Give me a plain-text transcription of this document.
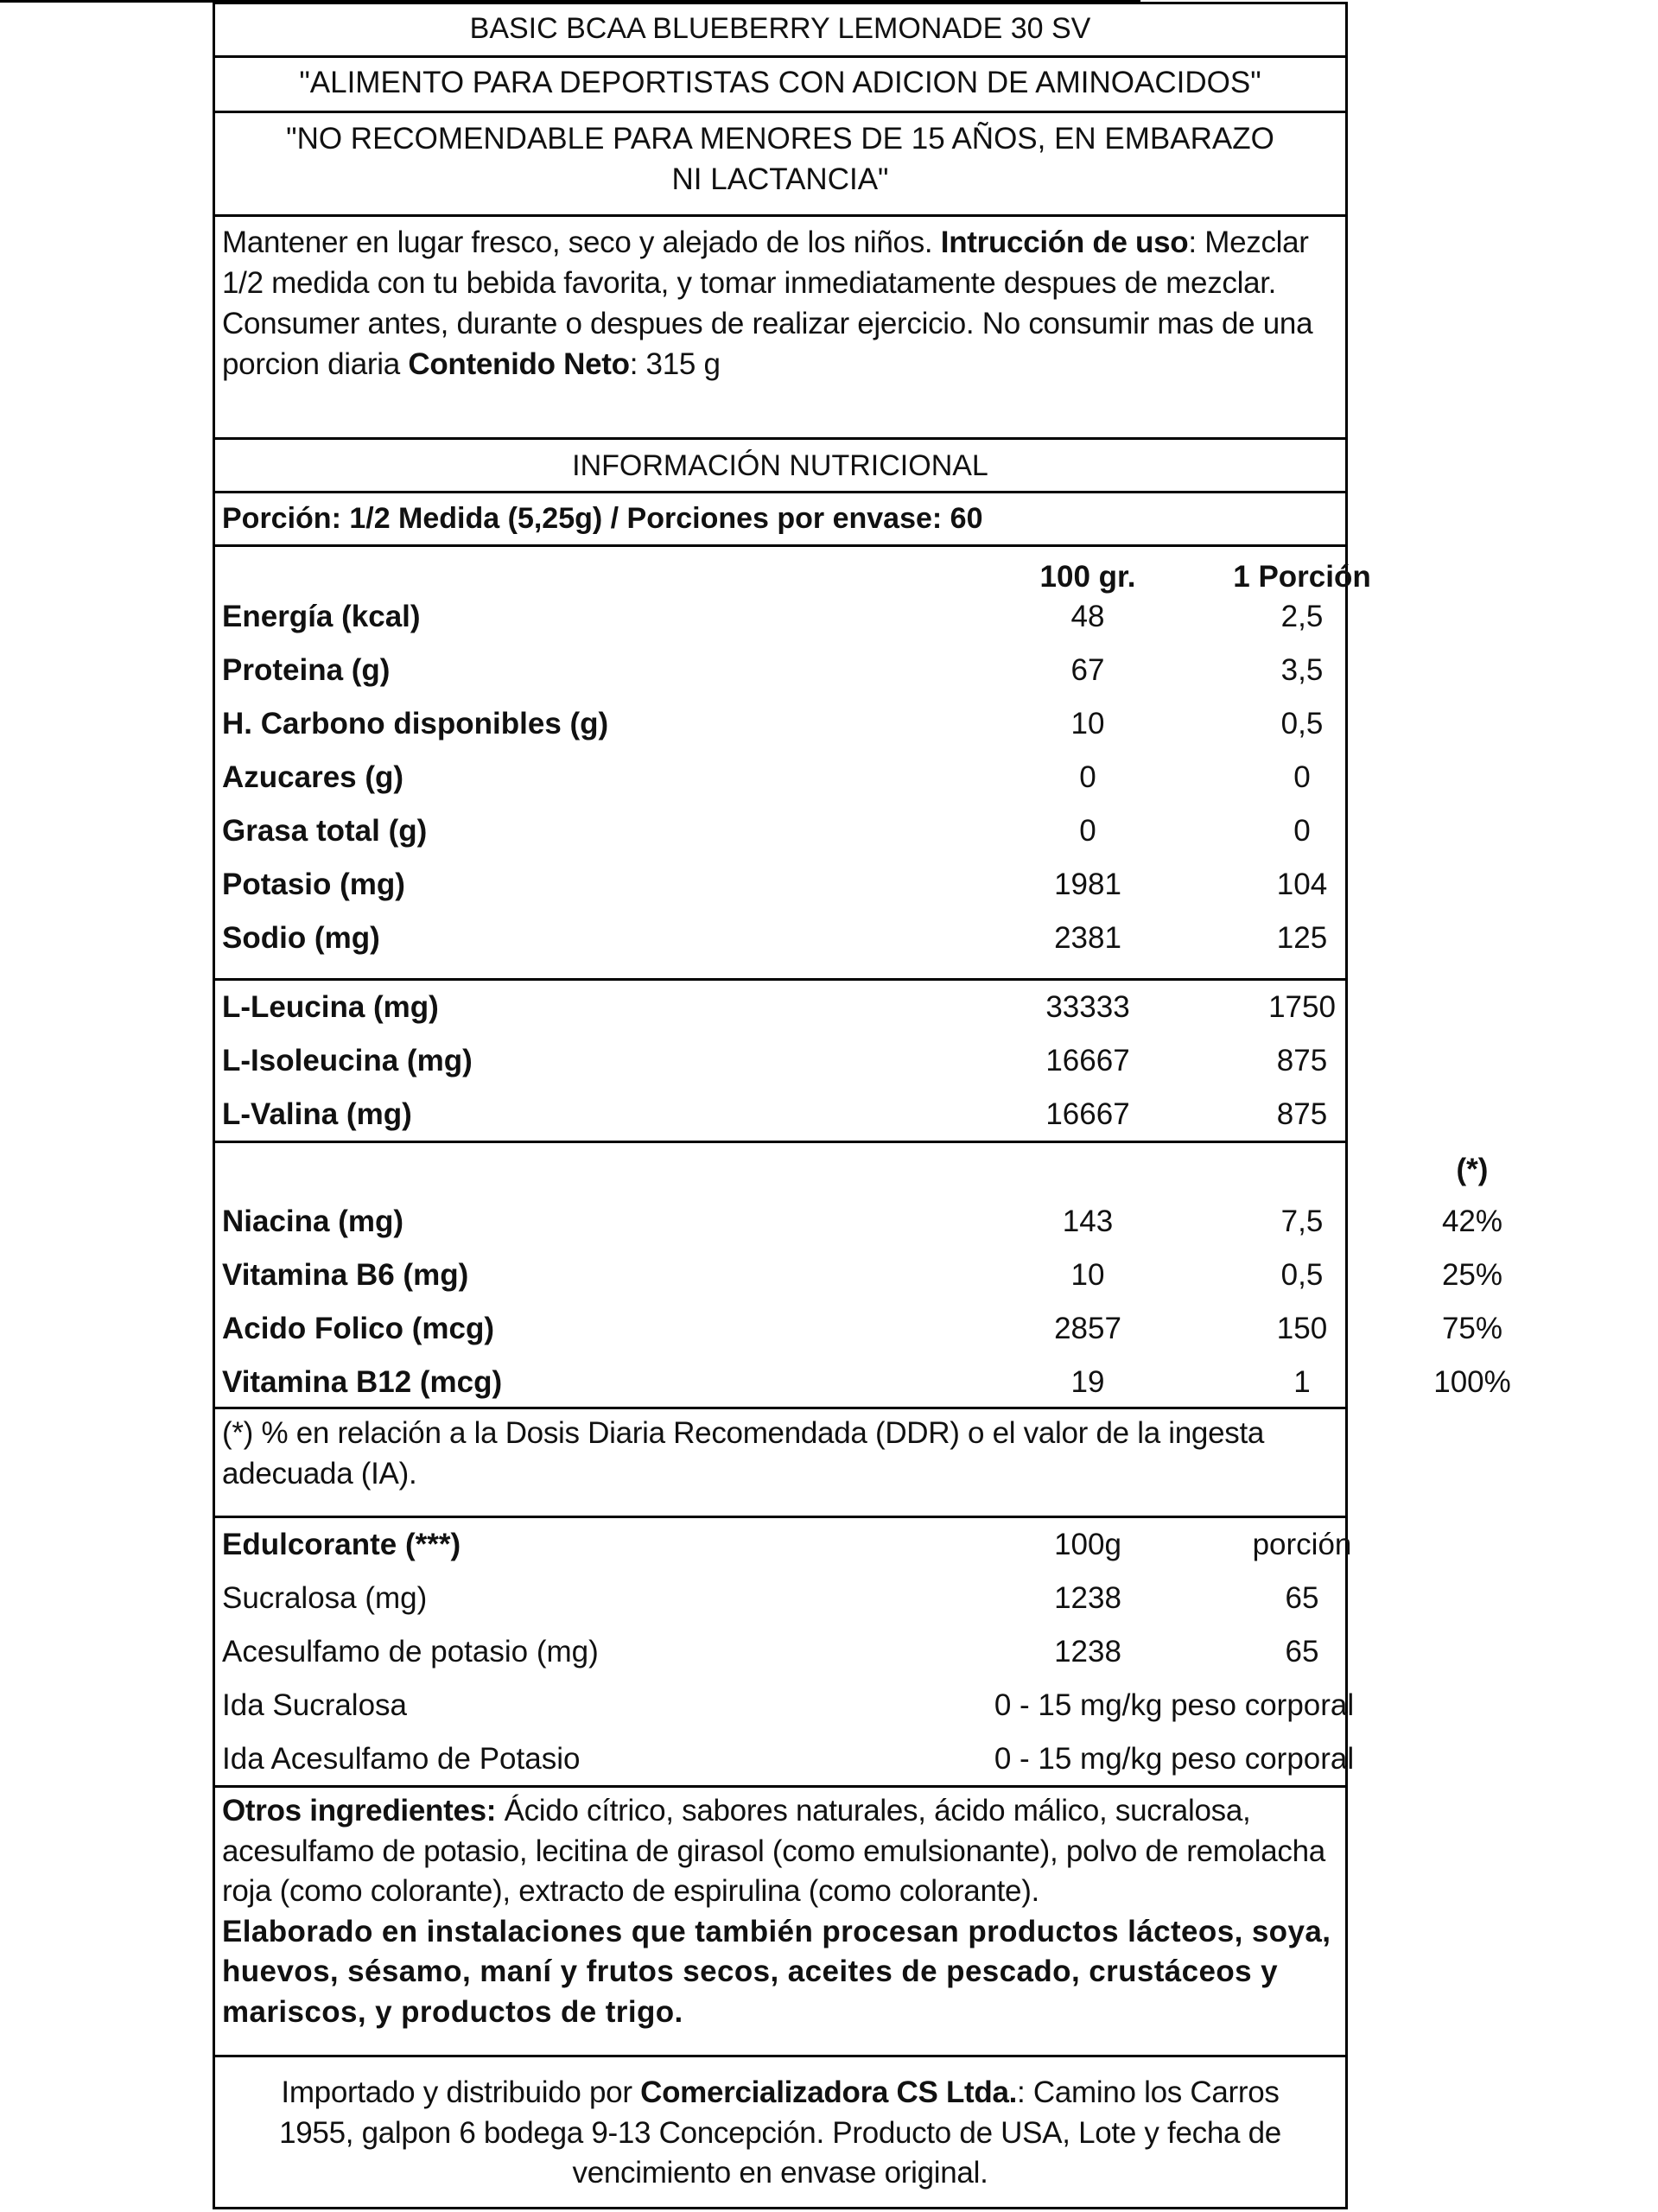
BASIC BCAA BLUEBERRY LEMONADE 30 SV
"ALIMENTO PARA DEPORTISTAS CON ADICION DE AMINOACIDOS"
"NO RECOMENDABLE PARA MENORES DE 15 AÑOS, EN EMBARAZO NI LACTANCIA"
Mantener en lugar fresco, seco y alejado de los niños. Intrucción de uso: Mezclar 1/2 medida con tu bebida favorita, y tomar inmediatamente despues de mezclar. Consumer antes, durante o despues de realizar ejercicio. No consumir mas de una porcion diaria Contenido Neto: 315 g
INFORMACIÓN NUTRICIONAL
Porción: 1/2 Medida (5,25g) / Porciones por envase: 60
100 gr.	1 Porción
Energía (kcal)	48	2,5
Proteina (g)	67	3,5
H. Carbono disponibles (g)	10	0,5
Azucares (g)	0	0
Grasa total (g)	0	0
Potasio (mg)	1981	104
Sodio (mg)	2381	125
L-Leucina (mg)	33333	1750
L-Isoleucina (mg)	16667	875
L-Valina (mg)	16667	875
(*)
Niacina (mg)	143	7,5	42%
Vitamina B6 (mg)	10	0,5	25%
Acido Folico (mcg)	2857	150	75%
Vitamina B12 (mcg)	19	1	100%
(*) % en relación a la Dosis Diaria Recomendada (DDR) o el valor de la ingesta adecuada (IA).
Edulcorante (***)	100g	porción
Sucralosa (mg)	1238	65
Acesulfamo de potasio (mg)	1238	65
Ida Sucralosa	0 - 15 mg/kg peso corporal
Ida Acesulfamo de Potasio	0 - 15 mg/kg peso corporal
Otros ingredientes: Ácido cítrico, sabores naturales, ácido málico, sucralosa, acesulfamo de potasio, lecitina de girasol (como emulsionante), polvo de remolacha roja (como colorante), extracto de espirulina (como colorante).
Elaborado en instalaciones que también procesan productos lácteos, soya, huevos, sésamo, maní y frutos secos, aceites de pescado, crustáceos y mariscos, y productos de trigo.
Importado y distribuido por Comercializadora CS Ltda.: Camino los Carros 1955, galpon 6 bodega 9-13 Concepción. Producto de USA, Lote y fecha de vencimiento en envase original.
